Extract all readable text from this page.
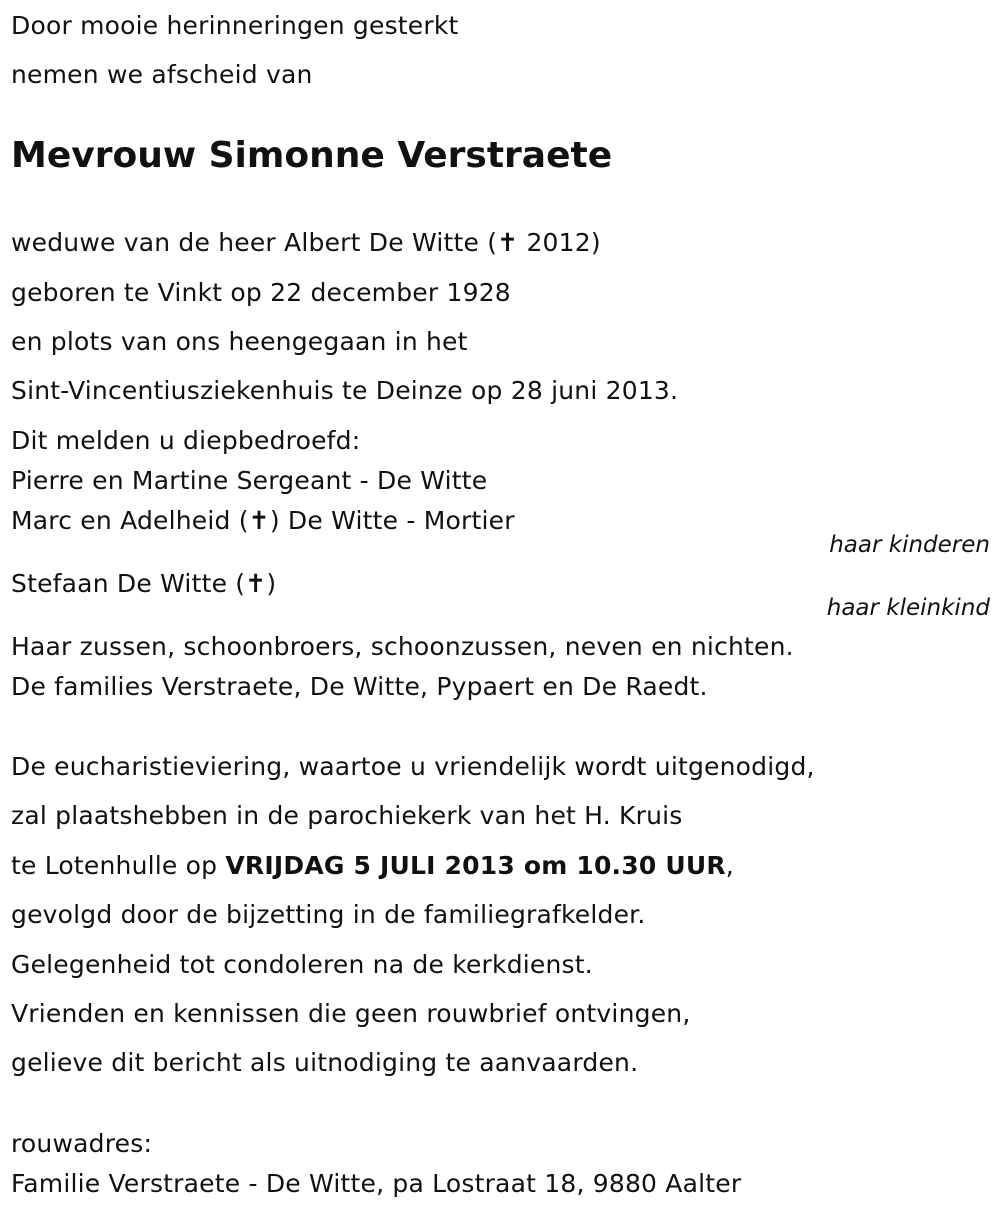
Door mooie herinneringen gesterkt
nemen we afscheid van
Mevrouw Simonne Verstraete
weduwe van de heer Albert De Witte (✝ 2012)
geboren te Vinkt op 22 december 1928
en plots van ons heengegaan in het
Sint-Vincentiusziekenhuis te Deinze op 28 juni 2013.
Dit melden u diepbedroefd:
Pierre en Martine Sergeant - De Witte
Marc en Adelheid (✝) De Witte - Mortier
haar kinderen
Stefaan De Witte (✝)
haar kleinkind
Haar zussen, schoonbroers, schoonzussen, neven en nichten.
De families Verstraete, De Witte, Pypaert en De Raedt.
De eucharistieviering, waartoe u vriendelijk wordt uitgenodigd,
zal plaatshebben in de parochiekerk van het H. Kruis
te Lotenhulle op VRIJDAG 5 JULI 2013 om 10.30 UUR,
gevolgd door de bijzetting in de familiegrafkelder.
Gelegenheid tot condoleren na de kerkdienst.
Vrienden en kennissen die geen rouwbrief ontvingen,
gelieve dit bericht als uitnodiging te aanvaarden.
rouwadres:
Familie Verstraete - De Witte, pa Lostraat 18, 9880 Aalter
